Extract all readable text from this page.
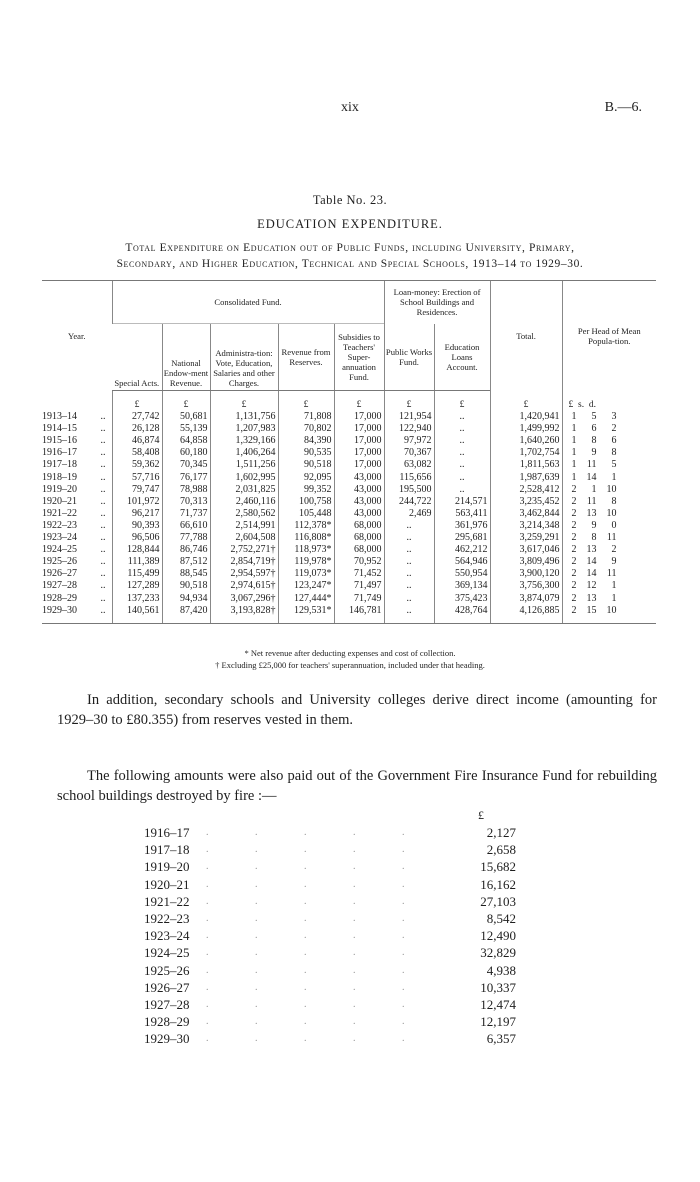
xix	B.—6.
Table No. 23.
EDUCATION EXPENDITURE.
Total Expenditure on Education out of Public Funds, including University, Primary,
Secondary, and Higher Education, Technical and Special Schools, 1913–14 to 1929–30.
Year.	Consolidated Fund.					Loan-money: Erection of School Buildings and Residences.		Total.	Per Head of Mean Popula-tion.

	Special Acts.	National Endow-ment Revenue.	Administra-tion: Vote, Education, Salaries and other Charges.	Revenue from Reserves.	Subsidies to Teachers' Super-annuation Fund.	Public Works Fund.	Education Loans Account.		
	£	£	£	£	£	£	£	£	£ s. d.
1913–14 ..	27,742	50,681	1,131,756	71,808	17,000	121,954	..	1,420,941	1 5 3
1914–15 ..	26,128	55,139	1,207,983	70,802	17,000	122,940	..	1,499,992	1 6 2
1915–16 ..	46,874	64,858	1,329,166	84,390	17,000	97,972	..	1,640,260	1 8 6
1916–17 ..	58,408	60,180	1,406,264	90,535	17,000	70,367	..	1,702,754	1 9 8
1917–18 ..	59,362	70,345	1,511,256	90,518	17,000	63,082	..	1,811,563	1 11 5
1918–19 ..	57,716	76,177	1,602,995	92,095	43,000	115,656	..	1,987,639	1 14 1
1919–20 ..	79,747	78,988	2,031,825	99,352	43,000	195,500	..	2,528,412	2 1 10
1920–21 ..	101,972	70,313	2,460,116	100,758	43,000	244,722	214,571	3,235,452	2 11 8
1921–22 ..	96,217	71,737	2,580,562	105,448	43,000	2,469	563,411	3,462,844	2 13 10
1922–23 ..	90,393	66,610	2,514,991	112,378*	68,000	..	361,976	3,214,348	2 9 0
1923–24 ..	96,506	77,788	2,604,508	116,808*	68,000	..	295,681	3,259,291	2 8 11
1924–25 ..	128,844	86,746	2,752,271†	118,973*	68,000	..	462,212	3,617,046	2 13 2
1925–26 ..	111,389	87,512	2,854,719†	119,978*	70,952	..	564,946	3,809,496	2 14 9
1926–27 ..	115,499	88,545	2,954,597†	119,073*	71,452	..	550,954	3,900,120	2 14 11
1927–28 ..	127,289	90,518	2,974,615†	123,247*	71,497	..	369,134	3,756,300	2 12 1
1928–29 ..	137,233	94,934	3,067,296†	127,444*	71,749	..	375,423	3,874,079	2 13 1
1929–30 ..	140,561	87,420	3,193,828†	129,531*	146,781	..	428,764	4,126,885	2 15 10
* Net revenue after deducting expenses and cost of collection.
† Excluding £25,000 for teachers' superannuation, included under that heading.
In addition, secondary schools and University colleges derive direct income (amounting for 1929–30 to £80.355) from reserves vested in them.
The following amounts were also paid out of the Government Fire Insurance Fund for rebuilding school buildings destroyed by fire :—
£
1916–17 . . . . .	2,127
1917–18 . . . . .	2,658
1919–20 . . . . .	15,682
1920–21 . . . . .	16,162
1921–22 . . . . .	27,103
1922–23 . . . . .	8,542
1923–24 . . . . .	12,490
1924–25 . . . . .	32,829
1925–26 . . . . .	4,938
1926–27 . . . . .	10,337
1927–28 . . . . .	12,474
1928–29 . . . . .	12,197
1929–30 . . . . .	6,357
